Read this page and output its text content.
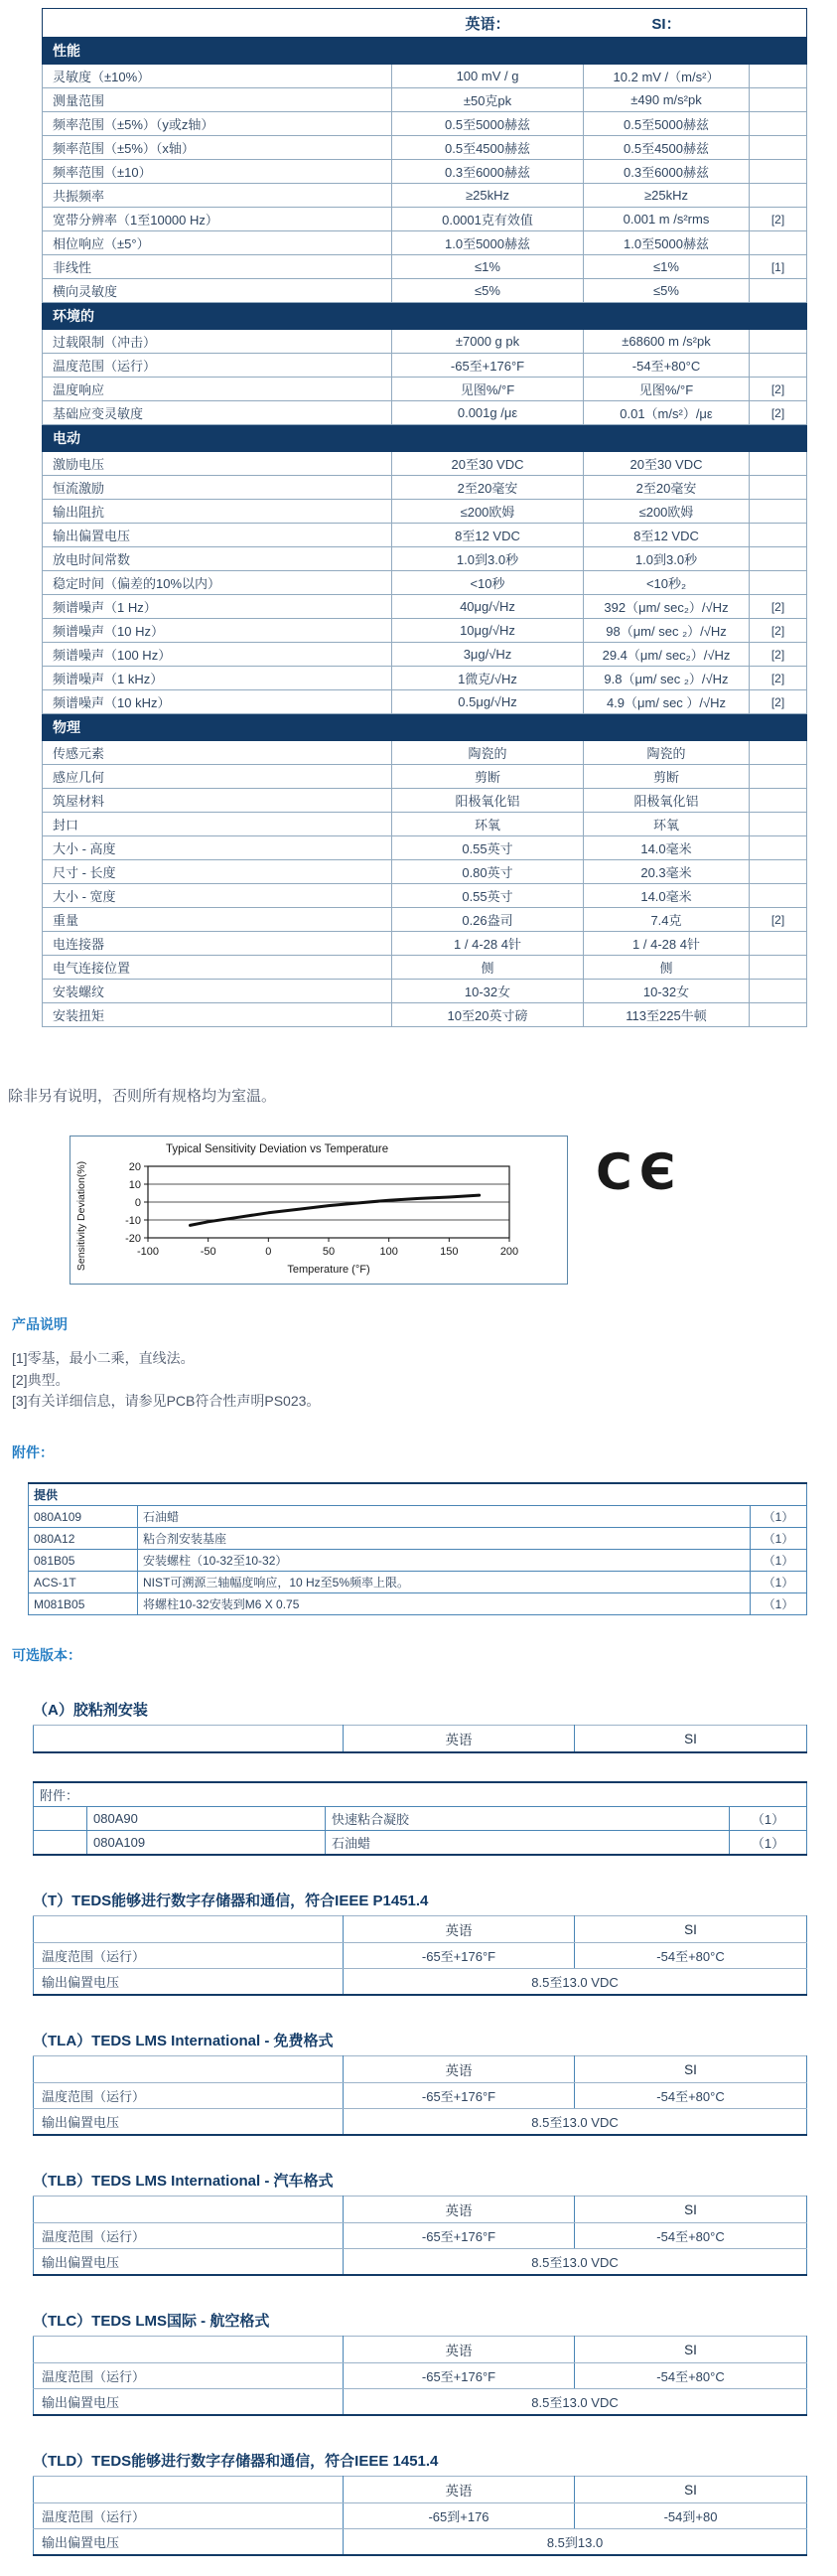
	英语：	SI：	
性能			
灵敏度（±10%）	100 mV / g	10.2 mV /（m/s²）	
测量范围	±50克pk	±490 m/s²pk	
频率范围（±5%）（y或z轴）	0.5至5000赫兹	0.5至5000赫兹	
频率范围（±5%）（x轴）	0.5至4500赫兹	0.5至4500赫兹	
频率范围（±10）	0.3至6000赫兹	0.3至6000赫兹	
共振频率	≥25kHz	≥25kHz	
宽带分辨率（1至10000 Hz）	0.0001克有效值	0.001 m /s²rms	[2]
相位响应（±5°）	1.0至5000赫兹	1.0至5000赫兹	
非线性	≤1%	≤1%	[1]
横向灵敏度	≤5%	≤5%	
环境的			
过载限制（冲击）	±7000 g pk	±68600 m /s²pk	
温度范围（运行）	-65至+176°F	-54至+80°C	
温度响应	见图%/°F	见图%/°F	[2]
基础应变灵敏度	0.001g /με	0.01（m/s²）/με	[2]
电动			
激励电压	20至30 VDC	20至30 VDC	
恒流激励	2至20毫安	2至20毫安	
输出阻抗	≤200欧姆	≤200欧姆	
输出偏置电压	8至12 VDC	8至12 VDC	
放电时间常数	1.0到3.0秒	1.0到3.0秒	
稳定时间（偏差的10%以内）	<10秒	<10秒₂	
频谱噪声（1 Hz）	40μg/√Hz	392（μm/ sec₂）/√Hz	[2]
频谱噪声（10 Hz）	10μg/√Hz	98（μm/ sec ₂）/√Hz	[2]
频谱噪声（100 Hz）	3μg/√Hz	29.4（μm/ sec₂）/√Hz	[2]
频谱噪声（1 kHz）	1微克/√Hz	9.8（μm/ sec ₂）/√Hz	[2]
频谱噪声（10 kHz）	0.5μg/√Hz	4.9（μm/ sec ）/√Hz	[2]
物理			
传感元素	陶瓷的	陶瓷的	
感应几何	剪断	剪断	
筑屋材料	阳极氧化铝	阳极氧化铝	
封口	环氧	环氧	
大小 - 高度	0.55英寸	14.0毫米	
尺寸 - 长度	0.80英寸	20.3毫米	
大小 - 宽度	0.55英寸	14.0毫米	
重量	0.26盎司	7.4克	[2]
电连接器	1 / 4-28 4针	1 / 4-28 4针	
电气连接位置	侧	侧	
安装螺纹	10-32女	10-32女	
安装扭矩	10至20英寸磅	113至225牛顿	
除非另有说明，否则所有规格均为室温。
Typical Sensitivity Deviation vs Temperature
-20
-10
0
10
20
-100	-50	0	50	100	150	200
Temperature (°F)
Sensitivity Deviation(%)	CЄ
产品说明
[1]零基，最小二乘，直线法。
[2]典型。
[3]有关详细信息，请参见PCB符合性声明PS023。
附件：
提供		
080A109	石油蜡	（1）
080A12	粘合剂安装基座	（1）
081B05	安装螺柱（10-32至10-32）	（1）
ACS-1T	NIST可溯源三轴幅度响应，10 Hz至5%频率上限。	（1）
M081B05	将螺柱10-32安装到M6 X 0.75	（1）
可选版本：
（A）胶粘剂安装
	英语	SI
附件：			
	080A90	快速粘合凝胶	（1）
	080A109	石油蜡	（1）
（T）TEDS能够进行数字存储器和通信，符合IEEE P1451.4
	英语	SI
温度范围（运行）	-65至+176°F	-54至+80°C
输出偏置电压	8.5至13.0 VDC	
（TLA）TEDS LMS International - 免费格式
	英语	SI
温度范围（运行）	-65至+176°F	-54至+80°C
输出偏置电压	8.5至13.0 VDC	
（TLB）TEDS LMS International - 汽车格式
	英语	SI
温度范围（运行）	-65至+176°F	-54至+80°C
输出偏置电压	8.5至13.0 VDC	
（TLC）TEDS LMS国际 - 航空格式
	英语	SI
温度范围（运行）	-65至+176°F	-54至+80°C
输出偏置电压	8.5至13.0 VDC	
（TLD）TEDS能够进行数字存储器和通信，符合IEEE 1451.4
	英语	SI
温度范围（运行）	-65到+176	-54到+80
输出偏置电压	8.5到13.0	
